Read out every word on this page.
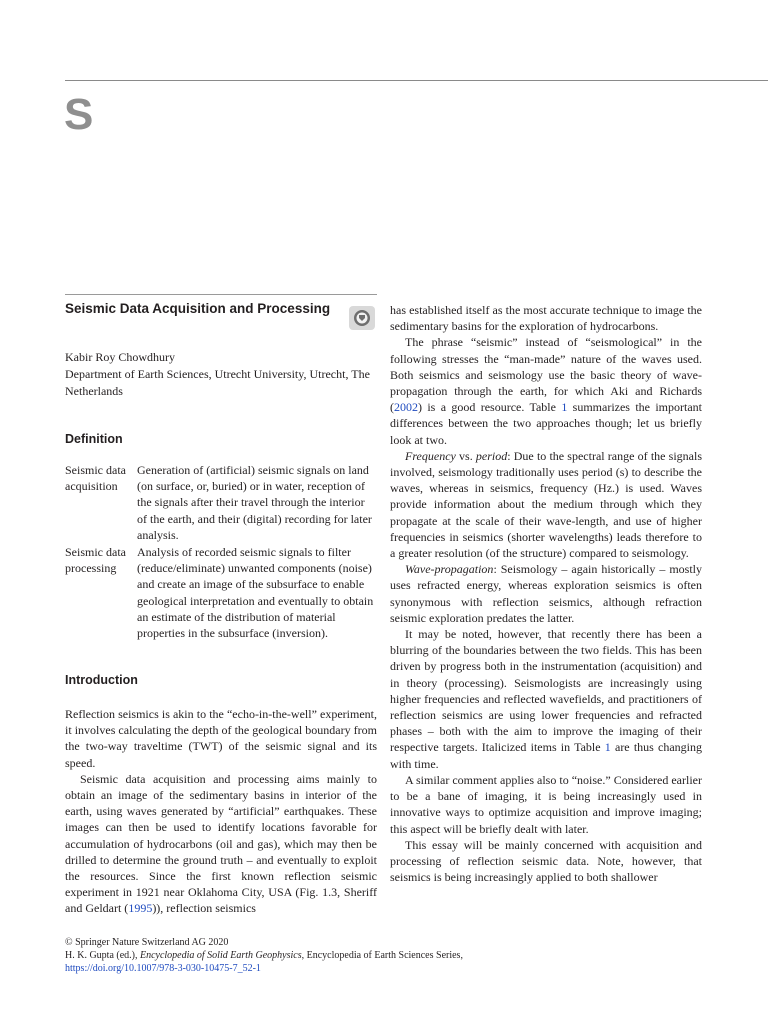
S
Seismic Data Acquisition and Processing
Kabir Roy Chowdhury
Department of Earth Sciences, Utrecht University, Utrecht, The Netherlands
Definition
Seismic data acquisition
Generation of (artificial) seismic signals on land (on surface, or, buried) or in water, reception of the signals after their travel through the interior of the earth, and their (digital) recording for later analysis.
Seismic data processing
Analysis of recorded seismic signals to filter (reduce/eliminate) unwanted components (noise) and create an image of the subsurface to enable geological interpretation and eventually to obtain an estimate of the distribution of material properties in the subsurface (inversion).
Introduction

Reflection seismics is akin to the “echo-in-the-well” experiment, it involves calculating the depth of the geological boundary from the two-way traveltime (TWT) of the seismic signal and its speed.

Seismic data acquisition and processing aims mainly to obtain an image of the sedimentary basins in interior of the earth, using waves generated by “artificial” earthquakes. These images can then be used to identify locations favorable for accumulation of hydrocarbons (oil and gas), which may then be drilled to determine the ground truth – and eventually to exploit the resources. Since the first known reflection seismic experiment in 1921 near Oklahoma City, USA (Fig. 1.3, Sheriff and Geldart (1995)), reflection seismics

has established itself as the most accurate technique to image the sedimentary basins for the exploration of hydrocarbons.

The phrase “seismic” instead of “seismological” in the following stresses the “man-made” nature of the waves used. Both seismics and seismology use the basic theory of wave-propagation through the earth, for which Aki and Richards (2002) is a good resource. Table 1 summarizes the important differences between the two approaches though; let us briefly look at two.

Frequency vs. period: Due to the spectral range of the signals involved, seismology traditionally uses period (s) to describe the waves, whereas in seismics, frequency (Hz.) is used. Waves provide information about the medium through which they propagate at the scale of their wave-length, and use of higher frequencies in seismics (shorter wavelengths) leads therefore to a greater resolution (of the structure) compared to seismology.

Wave-propagation: Seismology – again historically – mostly uses refracted energy, whereas exploration seismics is often synonymous with reflection seismics, although refraction seismic exploration predates the latter.

It may be noted, however, that recently there has been a blurring of the boundaries between the two fields. This has been driven by progress both in the instrumentation (acquisition) and in theory (processing). Seismologists are increasingly using higher frequencies and reflected wavefields, and practitioners of reflection seismics are using lower frequencies and refracted phases – both with the aim to improve the imaging of their respective targets. Italicized items in Table 1 are thus changing with time.

A similar comment applies also to “noise.” Considered earlier to be a bane of imaging, it is being increasingly used in innovative ways to optimize acquisition and improve imaging; this aspect will be briefly dealt with later.

This essay will be mainly concerned with acquisition and processing of reflection seismic data. Note, however, that seismics is being increasingly applied to both shallower

© Springer Nature Switzerland AG 2020
H. K. Gupta (ed.), Encyclopedia of Solid Earth Geophysics, Encyclopedia of Earth Sciences Series,
https://doi.org/10.1007/978-3-030-10475-7_52-1
